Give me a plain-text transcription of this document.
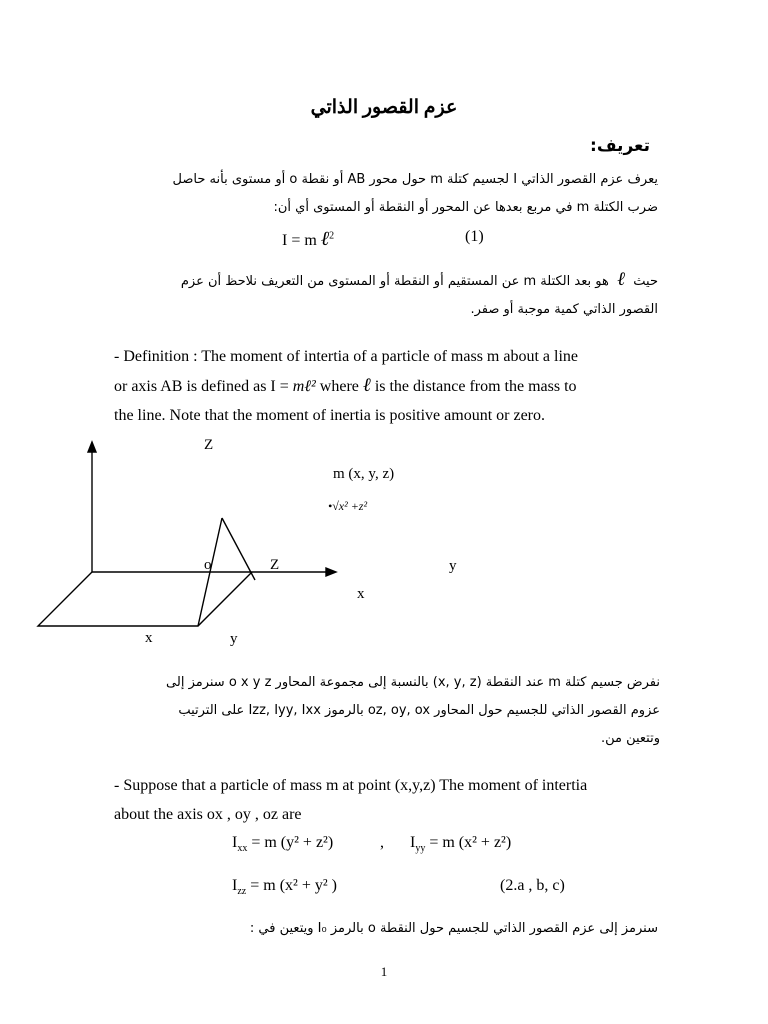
عزم القصور الذاتي
تعريف:
يعرف عزم القصور الذاتي I لجسيم كتلة m حول محور AB أو نقطة o أو مستوى بأنه حاصل
ضرب الكتلة m في مربع بعدها عن المحور أو النقطة أو المستوى أي أن:
I = m ℓ$^2$	(1)
حيث  ℓ  هو بعد الكتلة m عن المستقيم أو النقطة أو المستوى من التعريف نلاحظ أن عزم
القصور الذاتي كمية موجبة أو صفر.
- Definition : The moment of intertia of a particle of mass m about a line
or axis AB is defined as I = mℓ² where ℓ is the distance from the mass to
the line. Note that the moment of inertia is positive amount or zero.
Z
m (x, y, z)
•√x² +z²
o	Z	y
x
x	y
نفرض جسيم كتلة m عند النقطة (x, y, z) بالنسبة إلى مجموعة المحاور o x y z سنرمز إلى
عزوم القصور الذاتي للجسيم حول المحاور oz, oy, ox بالرموز Izz, Iyy, Ixx على الترتيب
وتتعين من.
- Suppose that a particle of mass m at point (x,y,z) The moment of intertia
about the axis ox , oy , oz are
$I_{xx} = m$ (y² + z²)	, $I_{yy} = m$ (x² + z²)
$I_{zz} = m$ (x² + y² )	(2.a , b, c)
سنرمز إلى عزم القصور الذاتي للجسيم حول النقطة o بالرمز I₀ ويتعين في :
1
